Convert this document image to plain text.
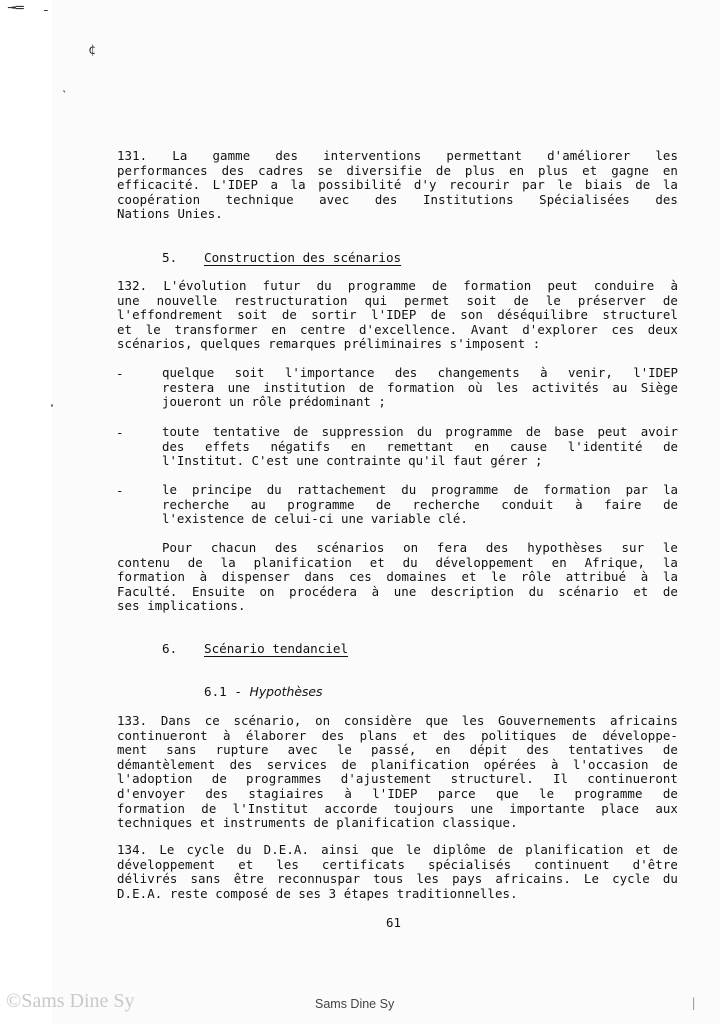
╼═
¯
¢
˴
·
131. La gamme des interventions permettant d'améliorer les
performances des cadres se diversifie de plus en plus et gagne en
efficacité. L'IDEP a la possibilité d'y recourir par le biais de la
coopération technique avec des Institutions Spécialisées des
Nations Unies.
5. Construction des scénarios
132. L'évolution futur du programme de formation peut conduire à
une nouvelle restructuration qui permet soit de le préserver de
l'effondrement soit de sortir l'IDEP de son déséquilibre structurel
et le transformer en centre d'excellence. Avant d'explorer ces deux
scénarios, quelques remarques préliminaires s'imposent :
-	quelque soit l'importance des changements à venir, l'IDEP
restera une institution de formation où les activités au Siège
joueront un rôle prédominant ;
-	toute tentative de suppression du programme de base peut avoir
des effets négatifs en remettant en cause l'identité de
l'Institut. C'est une contrainte qu'il faut gérer ;
-	le principe du rattachement du programme de formation par la
recherche au programme de recherche conduit à faire de
l'existence de celui-ci une variable clé.
Pour chacun des scénarios on fera des hypothèses sur le
contenu de la planification et du développement en Afrique, la
formation à dispenser dans ces domaines et le rôle attribué à la
Faculté. Ensuite on procédera à une description du scénario et de
ses implications.
6. Scénario tendanciel
6.1 - Hypothèses
133. Dans ce scénario, on considère que les Gouvernements africains
continueront à élaborer des plans et des politiques de développe-
ment sans rupture avec le passé, en dépit des tentatives de
démantèlement des services de planification opérées à l'occasion de
l'adoption de programmes d'ajustement structurel. Il continueront
d'envoyer des stagiaires à l'IDEP parce que le programme de
formation de l'Institut accorde toujours une importante place aux
techniques et instruments de planification classique.
134. Le cycle du D.E.A. ainsi que le diplôme de planification et de
développement et les certificats spécialisés continuent d'être
délivrés sans être reconnuspar tous les pays africains. Le cycle du
D.E.A. reste composé de ses 3 étapes traditionnelles.
61
©Sams Dine Sy	Sams Dine Sy	|
